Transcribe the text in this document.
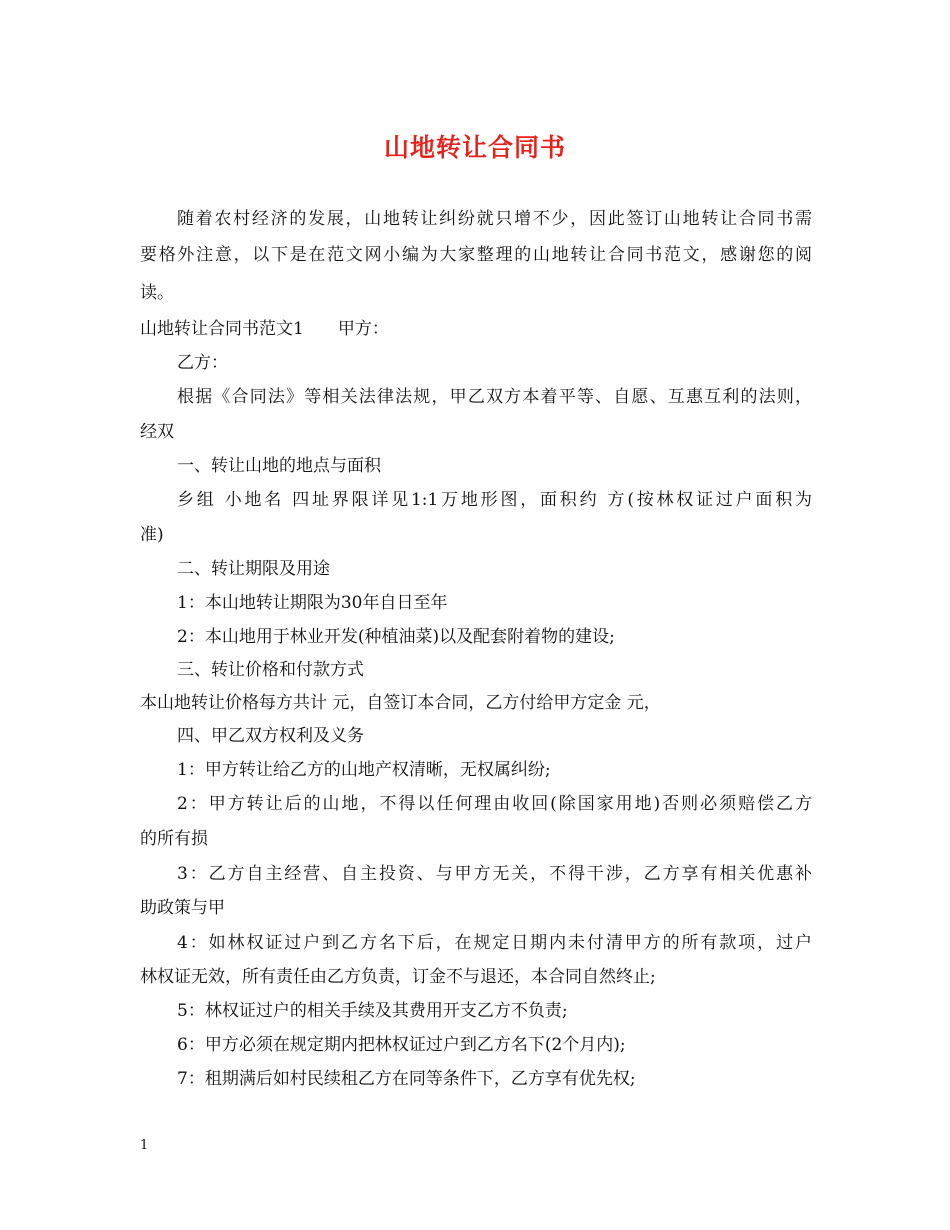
山地转让合同书
随着农村经济的发展，山地转让纠纷就只增不少，因此签订山地转让合同书需
要格外注意，以下是在范文网小编为大家整理的山地转让合同书范文，感谢您的阅
读。
山地转让合同书范文1　　甲方：
乙方：
根据《合同法》等相关法律法规，甲乙双方本着平等、自愿、互惠互利的法则，
经双
一、转让山地的地点与面积
乡组 小地名 四址界限详见1:1万地形图，面积约 方(按林权证过户面积为
准)
二、转让期限及用途
1：本山地转让期限为30年自日至年
2：本山地用于林业开发(种植油菜)以及配套附着物的建设;
三、转让价格和付款方式
本山地转让价格每方共计 元，自签订本合同，乙方付给甲方定金 元，
四、甲乙双方权利及义务
1：甲方转让给乙方的山地产权清晰，无权属纠纷;
2：甲方转让后的山地，不得以任何理由收回(除国家用地)否则必须赔偿乙方
的所有损
3：乙方自主经营、自主投资、与甲方无关，不得干涉，乙方享有相关优惠补
助政策与甲
4：如林权证过户到乙方名下后，在规定日期内未付清甲方的所有款项，过户
林权证无效，所有责任由乙方负责，订金不与退还，本合同自然终止;
5：林权证过户的相关手续及其费用开支乙方不负责;
6：甲方必须在规定期内把林权证过户到乙方名下(2个月内);
7：租期满后如村民续租乙方在同等条件下，乙方享有优先权;
1
